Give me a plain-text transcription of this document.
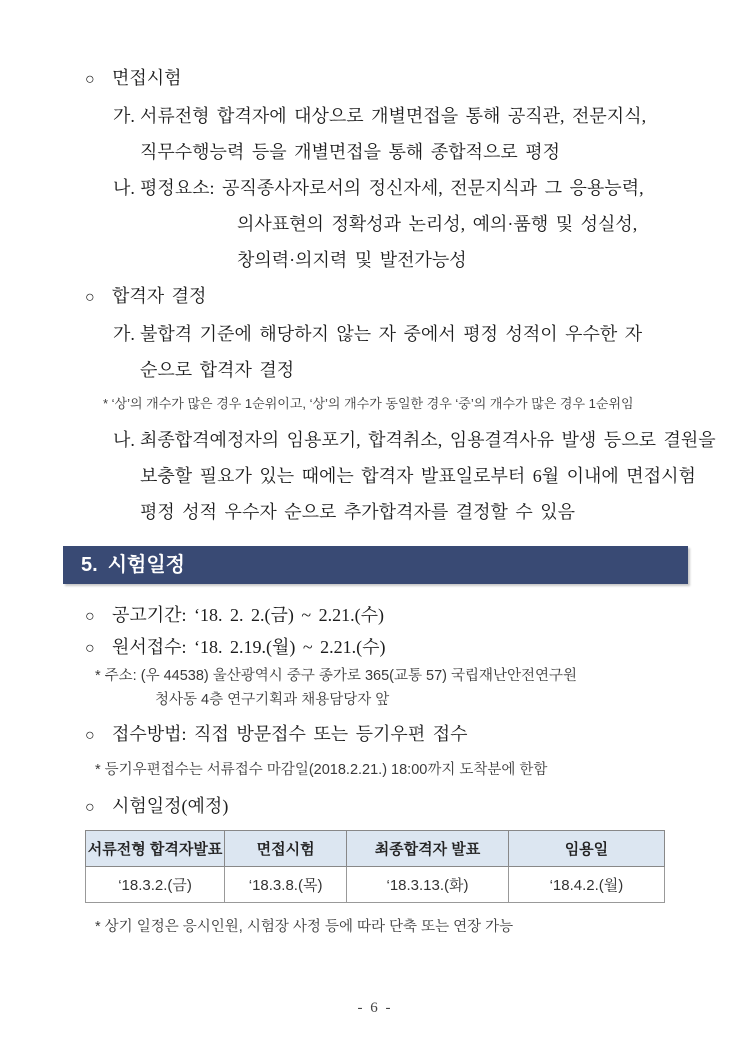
○ 면접시험
가. 서류전형 합격자에 대상으로 개별면접을 통해 공직관, 전문지식,
직무수행능력 등을 개별면접을 통해 종합적으로 평정
나. 평정요소: 공직종사자로서의 정신자세, 전문지식과 그 응용능력,
의사표현의 정확성과 논리성, 예의·품행 및 성실성,
창의력·의지력 및 발전가능성
○ 합격자 결정
가. 불합격 기준에 해당하지 않는 자 중에서 평정 성적이 우수한 자
순으로 합격자 결정
* ‘상’의 개수가 많은 경우 1순위이고, ‘상’의 개수가 동일한 경우 ‘중’의 개수가 많은 경우 1순위임
나. 최종합격예정자의 임용포기, 합격취소, 임용결격사유 발생 등으로 결원을
보충할 필요가 있는 때에는 합격자 발표일로부터 6월 이내에 면접시험
평정 성적 우수자 순으로 추가합격자를 결정할 수 있음
5. 시험일정
○ 공고기간: ‘18. 2. 2.(금) ~ 2.21.(수)
○ 원서접수: ‘18. 2.19.(월) ~ 2.21.(수)
* 주소: (우 44538) 울산광역시 중구 종가로 365(교통 57) 국립재난안전연구원
청사동 4층 연구기획과 채용담당자 앞
○ 접수방법: 직접 방문접수 또는 등기우편 접수
* 등기우편접수는 서류접수 마감일(2018.2.21.) 18:00까지 도착분에 한함
○ 시험일정(예정)
서류전형 합격자발표	면접시험	최종합격자 발표	임용일
‘18.3.2.(금)	‘18.3.8.(목)	‘18.3.13.(화)	‘18.4.2.(월)
* 상기 일정은 응시인원, 시험장 사정 등에 따라 단축 또는 연장 가능
- 6 -
